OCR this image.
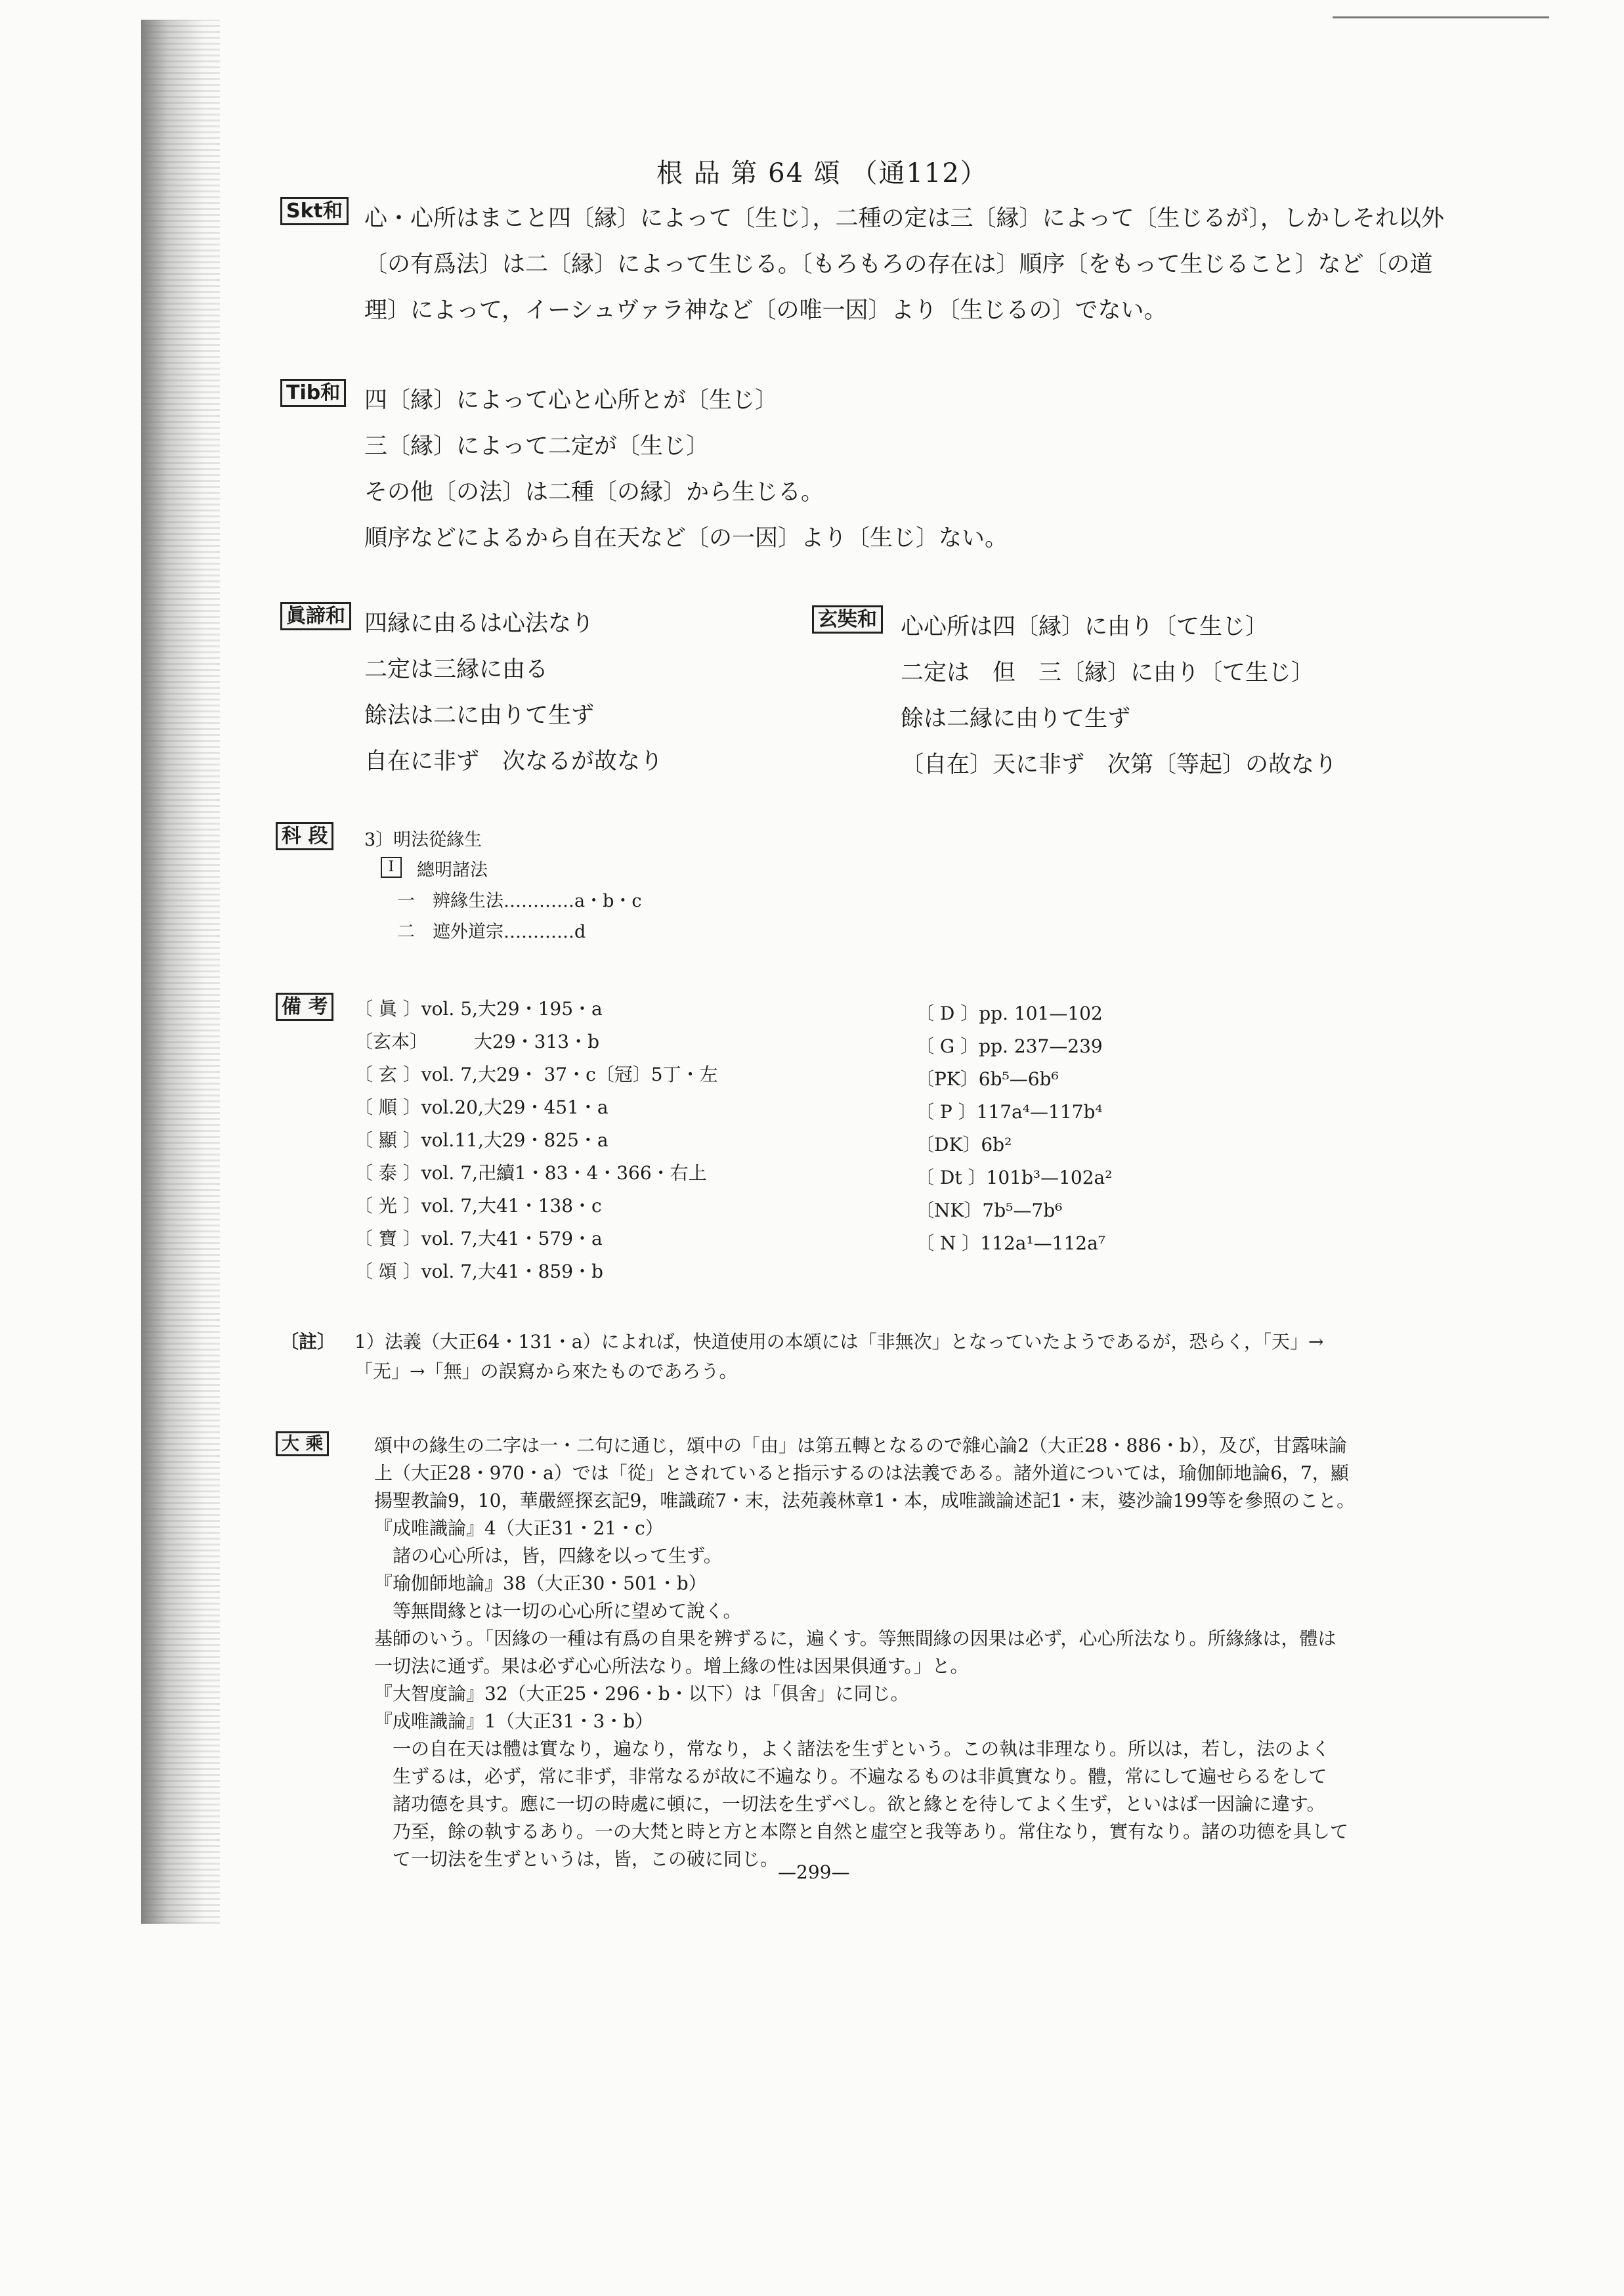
根 品 第 64 頌 （通112）
Skt和 心・心所はまこと四〔縁〕によって〔生じ〕，二種の定は三〔縁〕によって〔生じるが〕，しかしそれ以外
〔の有爲法〕は二〔縁〕によって生じる。〔もろもろの存在は〕順序〔をもって生じること〕など〔の道
理〕によって，イーシュヴァラ神など〔の唯一因〕より〔生じるの〕でない。
Tib和 四〔縁〕によって心と心所とが〔生じ〕
三〔縁〕によって二定が〔生じ〕
その他〔の法〕は二種〔の縁〕から生じる。
順序などによるから自在天など〔の一因〕より〔生じ〕ない。
眞諦和 四縁に由るは心法なり
二定は三縁に由る
餘法は二に由りて生ず
自在に非ず　次なるが故なり
玄奘和 心心所は四〔縁〕に由り〔て生じ〕
二定は　但　三〔縁〕に由り〔て生じ〕
餘は二縁に由りて生ず
〔自在〕天に非ず　次第〔等起〕の故なり
科 段	3〕明法從緣生
Ⅰ	總明諸法
一　辨緣生法…………a・b・c
二　遮外道宗…………d
備 考	〔 眞 〕vol. 5,大29・195・a
〔玄本〕　　　大29・313・b
〔 玄 〕vol. 7,大29・ 37・c〔冠〕5丁・左
〔 順 〕vol.20,大29・451・a
〔 顯 〕vol.11,大29・825・a
〔 泰 〕vol. 7,卍續1・83・4・366・右上
〔 光 〕vol. 7,大41・138・c
〔 寶 〕vol. 7,大41・579・a
〔 頌 〕vol. 7,大41・859・b
〔 D 〕pp. 101—102
〔 G 〕pp. 237—239
〔PK〕6b⁵—6b⁶
〔 P 〕117a⁴—117b⁴
〔DK〕6b²
〔 Dt 〕101b³—102a²
〔NK〕7b⁵—7b⁶
〔 N 〕112a¹—112a⁷
〔註〕 1）法義（大正64・131・a）によれば，快道使用の本頌には「非無次」となっていたようであるが，恐らく，「天」→
「无」→「無」の誤寫から來たものであろう。
大 乘	頌中の緣生の二字は一・二句に通じ，頌中の「由」は第五轉となるので雜心論2（大正28・886・b），及び，甘露味論
上（大正28・970・a）では「從」とされていると指示するのは法義である。諸外道については，瑜伽師地論6，7，顯
揚聖教論9，10，華嚴經探玄記9，唯識疏7・末，法苑義林章1・本，成唯識論述記1・末，婆沙論199等を參照のこと。
『成唯識論』4（大正31・21・c）
　諸の心心所は，皆，四緣を以って生ず。
『瑜伽師地論』38（大正30・501・b）
　等無間緣とは一切の心心所に望めて說く。
基師のいう。「因緣の一種は有爲の自果を辨ずるに，遍くす。等無間緣の因果は必ず，心心所法なり。所緣緣は，體は
一切法に通ず。果は必ず心心所法なり。增上緣の性は因果俱通す。」と。
『大智度論』32（大正25・296・b・以下）は「俱舍」に同じ。
『成唯識論』1（大正31・3・b）
　一の自在天は體は實なり，遍なり，常なり，よく諸法を生ずという。この執は非理なり。所以は，若し，法のよく
　生ずるは，必ず，常に非ず，非常なるが故に不遍なり。不遍なるものは非眞實なり。體，常にして遍せらるをして
　諸功德を具す。應に一切の時處に頓に，一切法を生ずべし。欲と緣とを待してよく生ず，といはば一因論に違す。
　乃至，餘の執するあり。一の大梵と時と方と本際と自然と虛空と我等あり。常住なり，實有なり。諸の功德を具して
　て一切法を生ずというは，皆，この破に同じ。
—299—
